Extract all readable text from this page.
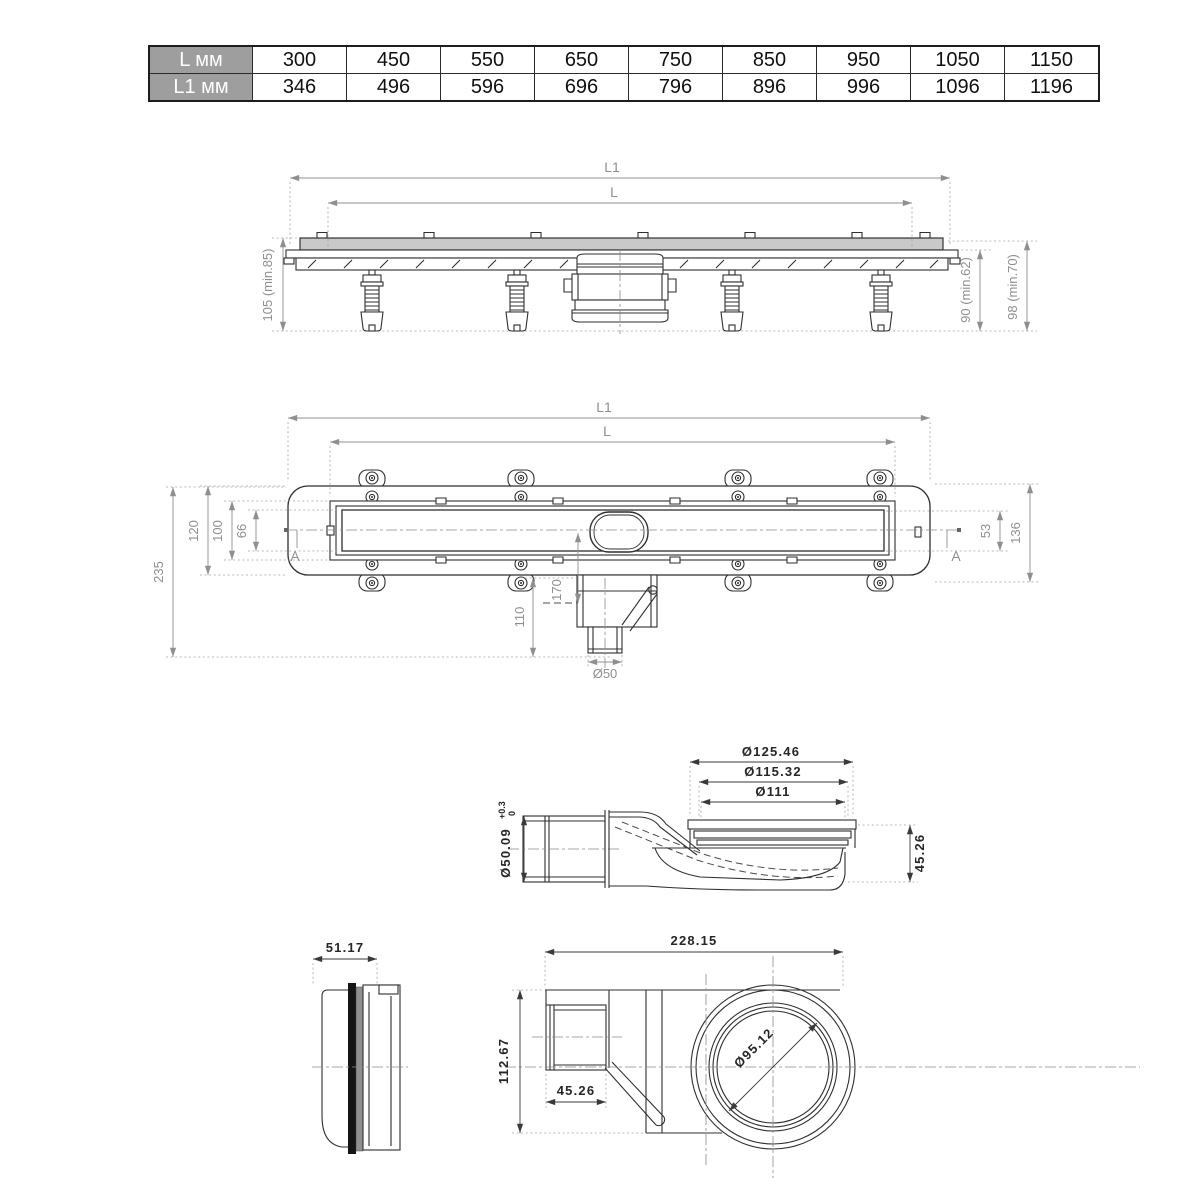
L мм	300	450	550	650	750	850	950	1050	1150
L1 мм	346	496	596	696	796	896	996	1096	1196
L1
L
105 (min.85)	90 (min.62) 98 (min.70)
A	A
L1
L
235
120 100 66	53 136
170
110
Ø50
Ø125.46
Ø115.32
Ø111
Ø50.09
+0.3 0
45.26
51.17
Ø95.12
228.15
112.67
45.26
